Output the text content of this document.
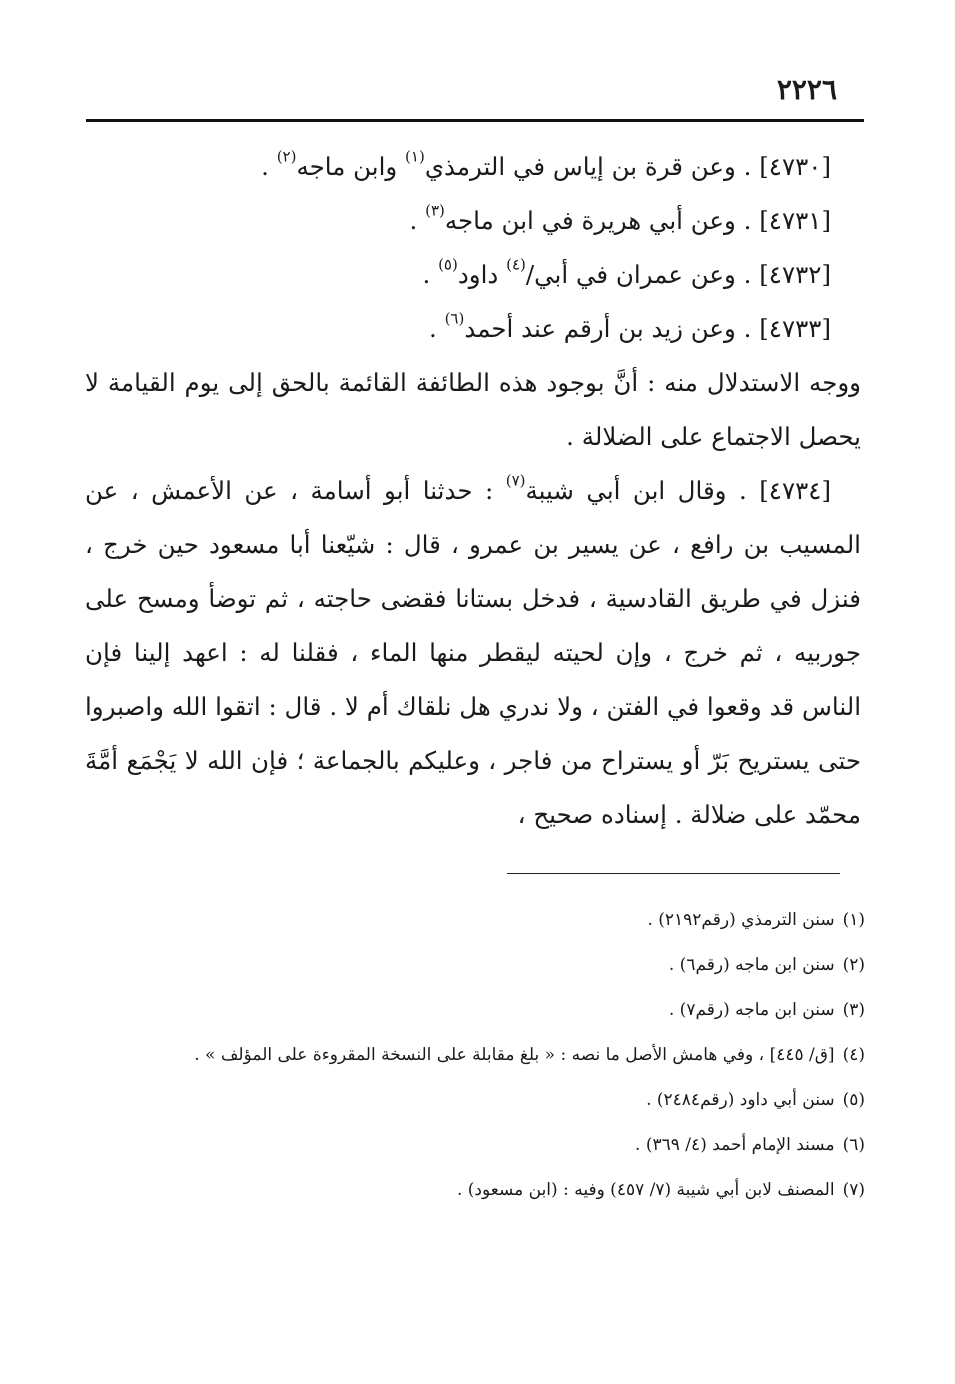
٢٢٢٦

[٤٧٣٠] . وعن قرة بن إياس في الترمذي$^{(١)}$ وابن ماجه$^{(٢)}$ .

[٤٧٣١] . وعن أبي هريرة في ابن ماجه$^{(٣)}$ .

[٤٧٣٢] . وعن عمران في أبي/$^{(٤)}$ داود$^{(٥)}$ .

[٤٧٣٣] . وعن زيد بن أرقم عند أحمد$^{(٦)}$ .

ووجه الاستدلال منه : أنَّ بوجود هذه الطائفة القائمة بالحق إلى يوم القيامة لا يحصل الاجتماع على الضلالة .

[٤٧٣٤] . وقال ابن أبي شيبة$^{(٧)}$ : حدثنا أبو أسامة ، عن الأعمش ، عن المسيب بن رافع ، عن يسير بن عمرو ، قال : شيّعنا أبا مسعود حين خرج ، فنزل في طريق القادسية ، فدخل بستانا فقضى حاجته ، ثم توضأ ومسح على جوربيه ، ثم خرج ، وإن لحيته ليقطر منها الماء ، فقلنا له : اعهد إلينا فإن الناس قد وقعوا في الفتن ، ولا ندري هل نلقاك أم لا . قال : اتقوا الله واصبروا حتى يستريح بَرّ أو يستراح من فاجر ، وعليكم بالجماعة ؛ فإن الله لا يَجْمَع أمَّةَ محمّد على ضلالة . إسناده صحيح ،

(١)سنن الترمذي (رقم٢١٩٢) .

(٢)سنن ابن ماجه (رقم٦) .

(٣)سنن ابن ماجه (رقم٧) .

(٤)[ق/ ٤٤٥] ، وفي هامش الأصل ما نصه : « بلغ مقابلة على النسخة المقروءة على المؤلف » .

(٥)سنن أبي داود (رقم٢٤٨٤) .

(٦)مسند الإمام أحمد (٤/ ٣٦٩) .

(٧)المصنف لابن أبي شيبة (٧/ ٤٥٧) وفيه : (ابن مسعود) .
